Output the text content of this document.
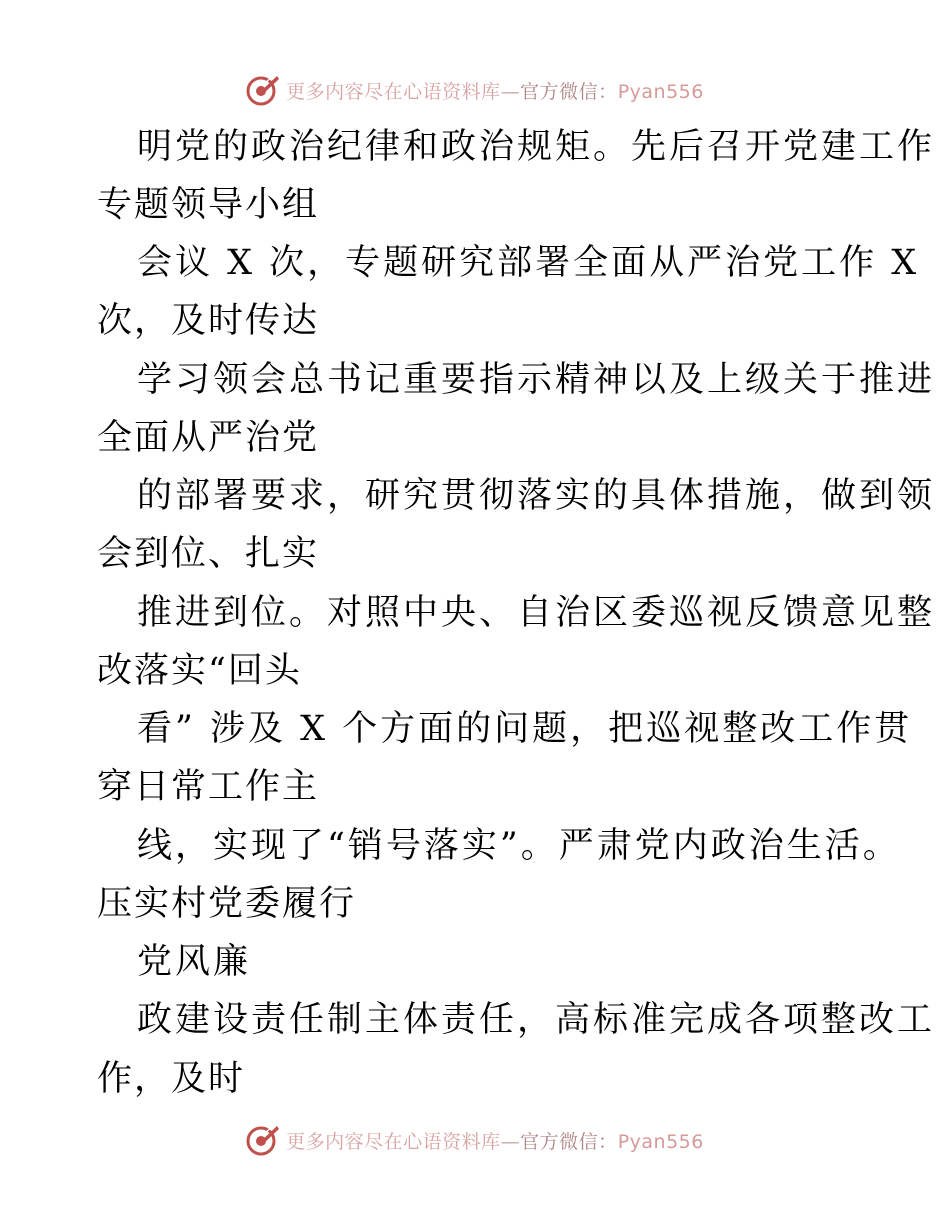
更多内容尽在心语资料库—官方微信：Pyan556
明党的政治纪律和政治规矩。先后召开党建工作
专题领导小组
会议 X 次，专题研究部署全面从严治党工作 X
次，及时传达
学习领会总书记重要指示精神以及上级关于推进
全面从严治党
的部署要求，研究贯彻落实的具体措施，做到领
会到位、扎实
推进到位。对照中央、自治区委巡视反馈意见整
改落实“回头
看” 涉及 X 个方面的问题，把巡视整改工作贯
穿日常工作主
线，实现了“销号落实”。严肃党内政治生活。
压实村党委履行
党风廉
政建设责任制主体责任，高标准完成各项整改工
作，及时
更多内容尽在心语资料库—官方微信：Pyan556
